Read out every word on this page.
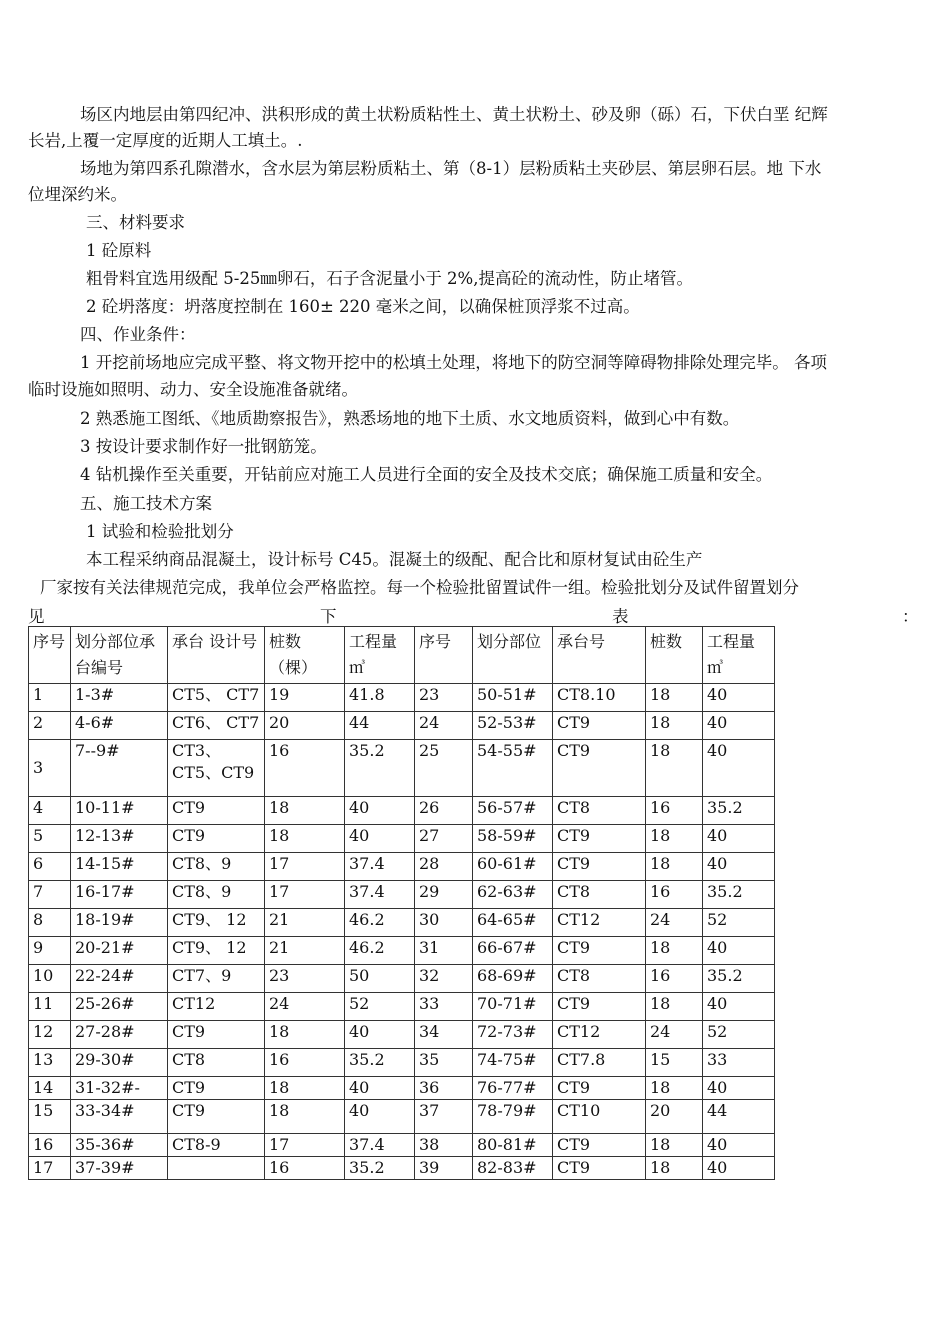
场区内地层由第四纪冲、洪积形成的黄土状粉质粘性土、黄土状粉土、砂及卵（砾）石，下伏白垩 纪辉
长岩,上覆一定厚度的近期人工填土。.
场地为第四系孔隙潜水，含水层为第层粉质粘土、第（8-1）层粉质粘土夹砂层、第层卵石层。地 下水
位埋深约米。
三、材料要求
1 砼原料
粗骨料宜选用级配 5-25㎜卵石，石子含泥量小于 2%,提高砼的流动性，防止堵管。
2 砼坍落度：坍落度控制在 160± 220 毫米之间，以确保桩顶浮浆不过高。
四、作业条件：
1 开挖前场地应完成平整、将文物开挖中的松填土处理，将地下的防空洞等障碍物排除处理完毕。 各项
临时设施如照明、动力、安全设施准备就绪。
2 熟悉施工图纸、《地质勘察报告》，熟悉场地的地下土质、水文地质资料，做到心中有数。
3 按设计要求制作好一批钢筋笼。
4 钻机操作至关重要，开钻前应对施工人员进行全面的安全及技术交底；确保施工质量和安全。
五、施工技术方案
1 试验和检验批划分
本工程采纳商品混凝土，设计标号 C45。混凝土的级配、配合比和原材复试由砼生产
厂家按有关法律规范完成，我单位会严格监控。每一个检验批留置试件一组。检验批划分及试件留置划分
见	下	表	：
序号	划分部位承台编号	承台 设计号	桩数（棵）	工程量㎥	序号	划分部位	承台号	桩数	工程量㎥
1	1-3#	CT5、 CT7	19	41.8	23	50-51#	CT8.10	18	40
2	4-6#	CT6、 CT7	20	44	24	52-53#	CT9	18	40
3	7--9#	CT3、CT5、CT9	16	35.2	25	54-55#	CT9	18	40
4	10-11#	CT9	18	40	26	56-57#	CT8	16	35.2
5	12-13#	CT9	18	40	27	58-59#	CT9	18	40
6	14-15#	CT8、9	17	37.4	28	60-61#	CT9	18	40
7	16-17#	CT8、9	17	37.4	29	62-63#	CT8	16	35.2
8	18-19#	CT9、 12	21	46.2	30	64-65#	CT12	24	52
9	20-21#	CT9、 12	21	46.2	31	66-67#	CT9	18	40
10	22-24#	CT7、9	23	50	32	68-69#	CT8	16	35.2
11	25-26#	CT12	24	52	33	70-71#	CT9	18	40
12	27-28#	CT9	18	40	34	72-73#	CT12	24	52
13	29-30#	CT8	16	35.2	35	74-75#	CT7.8	15	33
14	31-32#-	CT9	18	40	36	76-77#	CT9	18	40
15	33-34#	CT9	18	40	37	78-79#	CT10	20	44
16	35-36#	CT8-9	17	37.4	38	80-81#	CT9	18	40
17	37-39#		16	35.2	39	82-83#	CT9	18	40
